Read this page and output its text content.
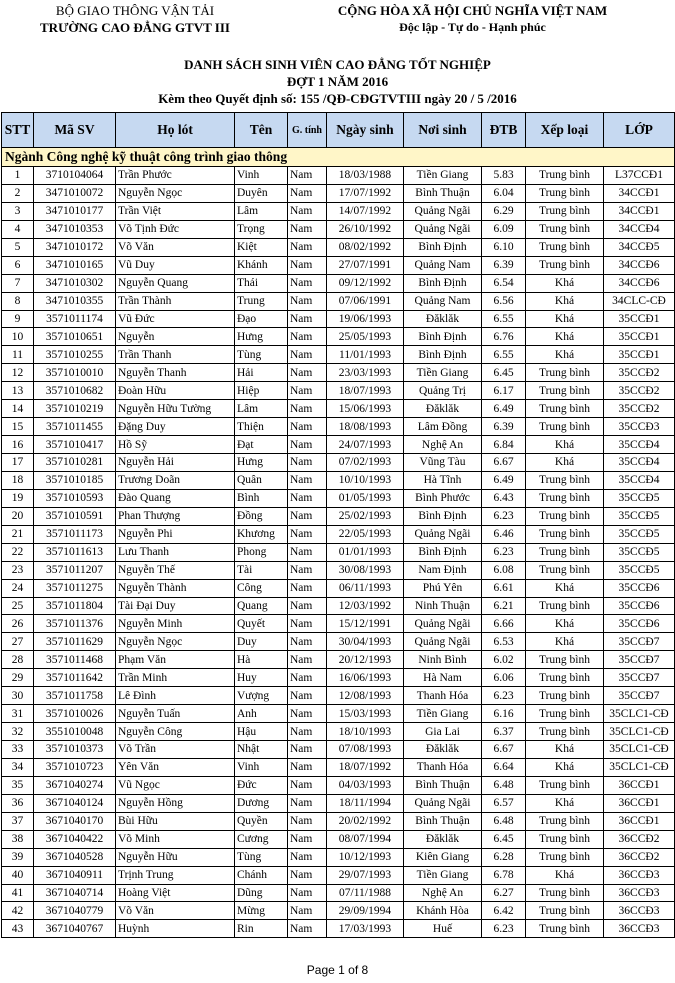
BỘ GIAO THÔNG VẬN TẢI
TRƯỜNG CAO ĐẲNG GTVT III
CỘNG HÒA XÃ HỘI CHỦ NGHĨA VIỆT NAM
Độc lập - Tự do - Hạnh phúc
DANH SÁCH SINH VIÊN CAO ĐẲNG TỐT NGHIỆP
ĐỢT 1 NĂM 2016
Kèm theo Quyết định số: 155 /QĐ-CĐGTVTIII ngày 20 / 5 /2016
STT	Mã SV	Họ lót	Tên	G. tính	Ngày sinh	Nơi sinh	ĐTB	Xếp loại	LỚP
Ngành Công nghệ kỹ thuật công trình giao thông									
1	3710104064	Trần Phước	Vinh	Nam	18/03/1988	Tiền Giang	5.83	Trung bình	L37CCĐ1
2	3471010072	Nguyễn Ngọc	Duyên	Nam	17/07/1992	Bình Thuận	6.04	Trung bình	34CCĐ1
3	3471010177	Trần Việt	Lâm	Nam	14/07/1992	Quảng Ngãi	6.29	Trung bình	34CCĐ1
4	3471010353	Võ Tịnh Đức	Trọng	Nam	26/10/1992	Quảng Ngãi	6.09	Trung bình	34CCĐ4
5	3471010172	Võ Văn	Kiệt	Nam	08/02/1992	Bình Định	6.10	Trung bình	34CCĐ5
6	3471010165	Vũ Duy	Khánh	Nam	27/07/1991	Quảng Nam	6.39	Trung bình	34CCĐ6
7	3471010302	Nguyễn Quang	Thái	Nam	09/12/1992	Bình Định	6.54	Khá	34CCĐ6
8	3471010355	Trần Thành	Trung	Nam	07/06/1991	Quảng Nam	6.56	Khá	34CLC-CĐ
9	3571011174	Vũ Đức	Đạo	Nam	19/06/1993	Đăklăk	6.55	Khá	35CCĐ1
10	3571010651	Nguyễn	Hưng	Nam	25/05/1993	Bình Định	6.76	Khá	35CCĐ1
11	3571010255	Trần Thanh	Tùng	Nam	11/01/1993	Bình Định	6.55	Khá	35CCĐ1
12	3571010010	Nguyễn Thanh	Hải	Nam	23/03/1993	Tiền Giang	6.45	Trung bình	35CCĐ2
13	3571010682	Đoàn Hữu	Hiệp	Nam	18/07/1993	Quảng Trị	6.17	Trung bình	35CCĐ2
14	3571010219	Nguyễn Hữu Tường	Lâm	Nam	15/06/1993	Đăklăk	6.49	Trung bình	35CCĐ2
15	3571011455	Đặng Duy	Thiện	Nam	18/08/1993	Lâm Đồng	6.39	Trung bình	35CCĐ3
16	3571010417	Hồ Sỹ	Đạt	Nam	24/07/1993	Nghệ An	6.84	Khá	35CCĐ4
17	3571010281	Nguyễn Hải	Hưng	Nam	07/02/1993	Vũng Tàu	6.67	Khá	35CCĐ4
18	3571010185	Trương Doãn	Quân	Nam	10/10/1993	Hà Tĩnh	6.49	Trung bình	35CCĐ4
19	3571010593	Đào Quang	Bình	Nam	01/05/1993	Bình Phước	6.43	Trung bình	35CCĐ5
20	3571010591	Phan Thượng	Đồng	Nam	25/02/1993	Bình Định	6.23	Trung bình	35CCĐ5
21	3571011173	Nguyễn Phi	Khương	Nam	22/05/1993	Quảng Ngãi	6.46	Trung bình	35CCĐ5
22	3571011613	Lưu Thanh	Phong	Nam	01/01/1993	Bình Định	6.23	Trung bình	35CCĐ5
23	3571011207	Nguyễn Thế	Tài	Nam	30/08/1993	Nam Định	6.08	Trung bình	35CCĐ5
24	3571011275	Nguyễn Thành	Công	Nam	06/11/1993	Phú Yên	6.61	Khá	35CCĐ6
25	3571011804	Tài Đại Duy	Quang	Nam	12/03/1992	Ninh Thuận	6.21	Trung bình	35CCĐ6
26	3571011376	Nguyễn Minh	Quyết	Nam	15/12/1991	Quảng Ngãi	6.66	Khá	35CCĐ6
27	3571011629	Nguyễn Ngọc	Duy	Nam	30/04/1993	Quảng Ngãi	6.53	Khá	35CCĐ7
28	3571011468	Phạm Văn	Hà	Nam	20/12/1993	Ninh Bình	6.02	Trung bình	35CCĐ7
29	3571011642	Trần Minh	Huy	Nam	16/06/1993	Hà Nam	6.06	Trung bình	35CCĐ7
30	3571011758	Lê Đình	Vượng	Nam	12/08/1993	Thanh Hóa	6.23	Trung bình	35CCĐ7
31	3571010026	Nguyễn Tuấn	Anh	Nam	15/03/1993	Tiền Giang	6.16	Trung bình	35CLC1-CĐ
32	3551010048	Nguyễn Công	Hậu	Nam	18/10/1993	Gia Lai	6.37	Trung bình	35CLC1-CĐ
33	3571010373	Võ Trần	Nhật	Nam	07/08/1993	Đăklăk	6.67	Khá	35CLC1-CĐ
34	3571010723	Yên Văn	Vinh	Nam	18/07/1992	Thanh Hóa	6.64	Khá	35CLC1-CĐ
35	3671040274	Vũ Ngọc	Đức	Nam	04/03/1993	Bình Thuận	6.48	Trung bình	36CCĐ1
36	3671040124	Nguyễn Hồng	Dương	Nam	18/11/1994	Quảng Ngãi	6.57	Khá	36CCĐ1
37	3671040170	Bùi Hữu	Quyền	Nam	20/02/1992	Bình Thuận	6.48	Trung bình	36CCĐ1
38	3671040422	Võ Minh	Cương	Nam	08/07/1994	Đăklăk	6.45	Trung bình	36CCĐ2
39	3671040528	Nguyễn Hữu	Tùng	Nam	10/12/1993	Kiên Giang	6.28	Trung bình	36CCĐ2
40	3671040911	Trịnh Trung	Chánh	Nam	29/07/1993	Tiền Giang	6.78	Khá	36CCĐ3
41	3671040714	Hoàng Việt	Dũng	Nam	07/11/1988	Nghệ An	6.27	Trung bình	36CCĐ3
42	3671040779	Võ Văn	Mừng	Nam	29/09/1994	Khánh Hòa	6.42	Trung bình	36CCĐ3
43	3671040767	Huỳnh	Rin	Nam	17/03/1993	Huế	6.23	Trung bình	36CCĐ3
Page 1 of 8
